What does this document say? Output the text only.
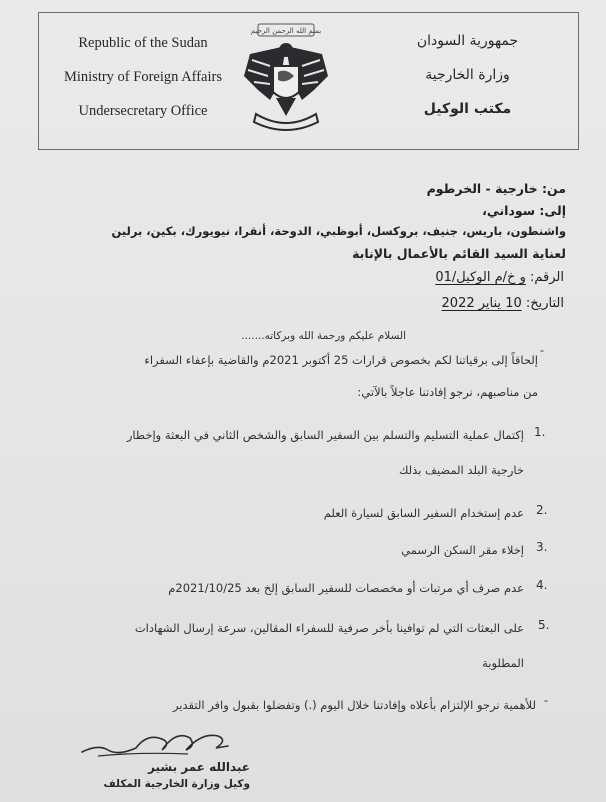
Republic of the Sudan
Ministry of Foreign Affairs
Undersecretary Office
بسم الله الرحمن الرحيم
جمهورية السودان
وزارة الخارجية
مكتب الوكيل
من: خارجية - الخرطوم
إلى: سوداني،
واشنطون، باريس، جنيف، بروكسل، أبوظبي، الدوحة، أنقرا، نيويورك، بكين، برلين
لعناية السيد القائم بالأعمال بالإنابة
الرقم: و خ/م الوكيل/01
التاريخ: 10 يناير 2022
السلام عليكم ورحمة الله وبركاته.......
-
إلحاقاً إلى برقياتنا لكم بخصوص قرارات 25 أكتوبر 2021م والقاضية بإعفاء السفراء
من مناصبهم، نرجو إفادتنا عاجلاً بالآتي:
1.
إكتمال عملية التسليم والتسلم بين السفير السابق والشخص الثاني في البعثة وإخطار
خارجية البلد المضيف بذلك
2.
عدم إستخدام السفير السابق لسيارة العلم
3.
إخلاء مقر السكن الرسمي
4.
عدم صرف أي مرتبات أو مخصصات للسفير السابق إلخ بعد 2021/10/25م
5.
على البعثات التي لم توافينا بأخر صرفية للسفراء المقالين، سرعة إرسال الشهادات
المطلوبة
-
للأهمية نرجو الإلتزام بأعلاه وإفادتنا خلال اليوم (.) وتفضلوا بقبول وافر التقدير
عبدالله عمر بشير
وكيل وزارة الخارجية المكلف
